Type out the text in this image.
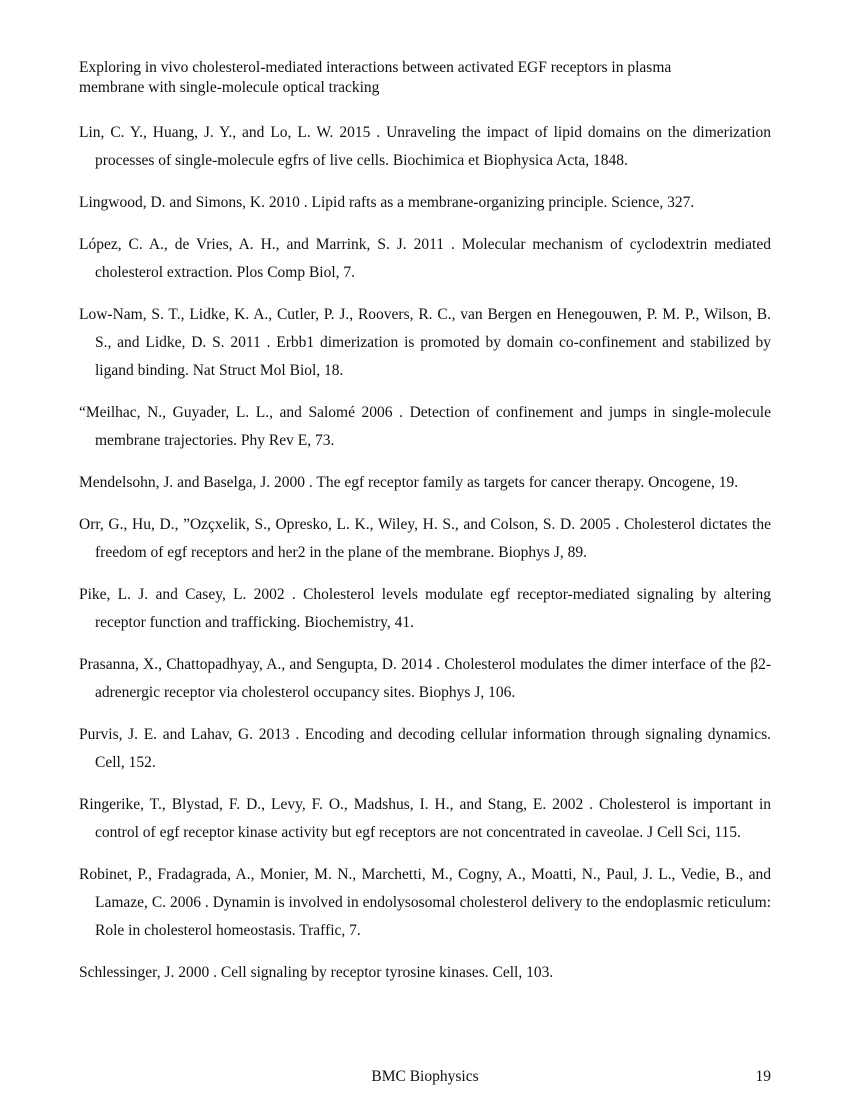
Exploring in vivo cholesterol-mediated interactions between activated EGF receptors in plasma membrane with single-molecule optical tracking

Lin, C. Y., Huang, J. Y., and Lo, L. W. 2015 . Unraveling the impact of lipid domains on the dimerization processes of single-molecule egfrs of live cells. Biochimica et Biophysica Acta, 1848.

Lingwood, D. and Simons, K. 2010 . Lipid rafts as a membrane-organizing principle. Science, 327.

López, C. A., de Vries, A. H., and Marrink, S. J. 2011 . Molecular mechanism of cyclodextrin mediated cholesterol extraction. Plos Comp Biol, 7.

Low-Nam, S. T., Lidke, K. A., Cutler, P. J., Roovers, R. C., van Bergen en Henegouwen, P. M. P., Wilson, B. S., and Lidke, D. S. 2011 . Erbb1 dimerization is promoted by domain co-confinement and stabilized by ligand binding. Nat Struct Mol Biol, 18.

“Meilhac, N., Guyader, L. L., and Salomé 2006 . Detection of confinement and jumps in single-molecule membrane trajectories. Phy Rev E, 73.

Mendelsohn, J. and Baselga, J. 2000 . The egf receptor family as targets for cancer therapy. Oncogene, 19.

Orr, G., Hu, D., ”Ozçxelik, S., Opresko, L. K., Wiley, H. S., and Colson, S. D. 2005 . Cholesterol dictates the freedom of egf receptors and her2 in the plane of the membrane. Biophys J, 89.

Pike, L. J. and Casey, L. 2002 . Cholesterol levels modulate egf receptor-mediated signaling by altering receptor function and trafficking. Biochemistry, 41.

Prasanna, X., Chattopadhyay, A., and Sengupta, D. 2014 . Cholesterol modulates the dimer interface of the β2-adrenergic receptor via cholesterol occupancy sites. Biophys J, 106.

Purvis, J. E. and Lahav, G. 2013 . Encoding and decoding cellular information through signaling dynamics. Cell, 152.

Ringerike, T., Blystad, F. D., Levy, F. O., Madshus, I. H., and Stang, E. 2002 . Cholesterol is important in control of egf receptor kinase activity but egf receptors are not concentrated in caveolae. J Cell Sci, 115.

Robinet, P., Fradagrada, A., Monier, M. N., Marchetti, M., Cogny, A., Moatti, N., Paul, J. L., Vedie, B., and Lamaze, C. 2006 . Dynamin is involved in endolysosomal cholesterol delivery to the endoplasmic reticulum: Role in cholesterol homeostasis. Traffic, 7.

Schlessinger, J. 2000 . Cell signaling by receptor tyrosine kinases. Cell, 103.

BMC Biophysics	19
